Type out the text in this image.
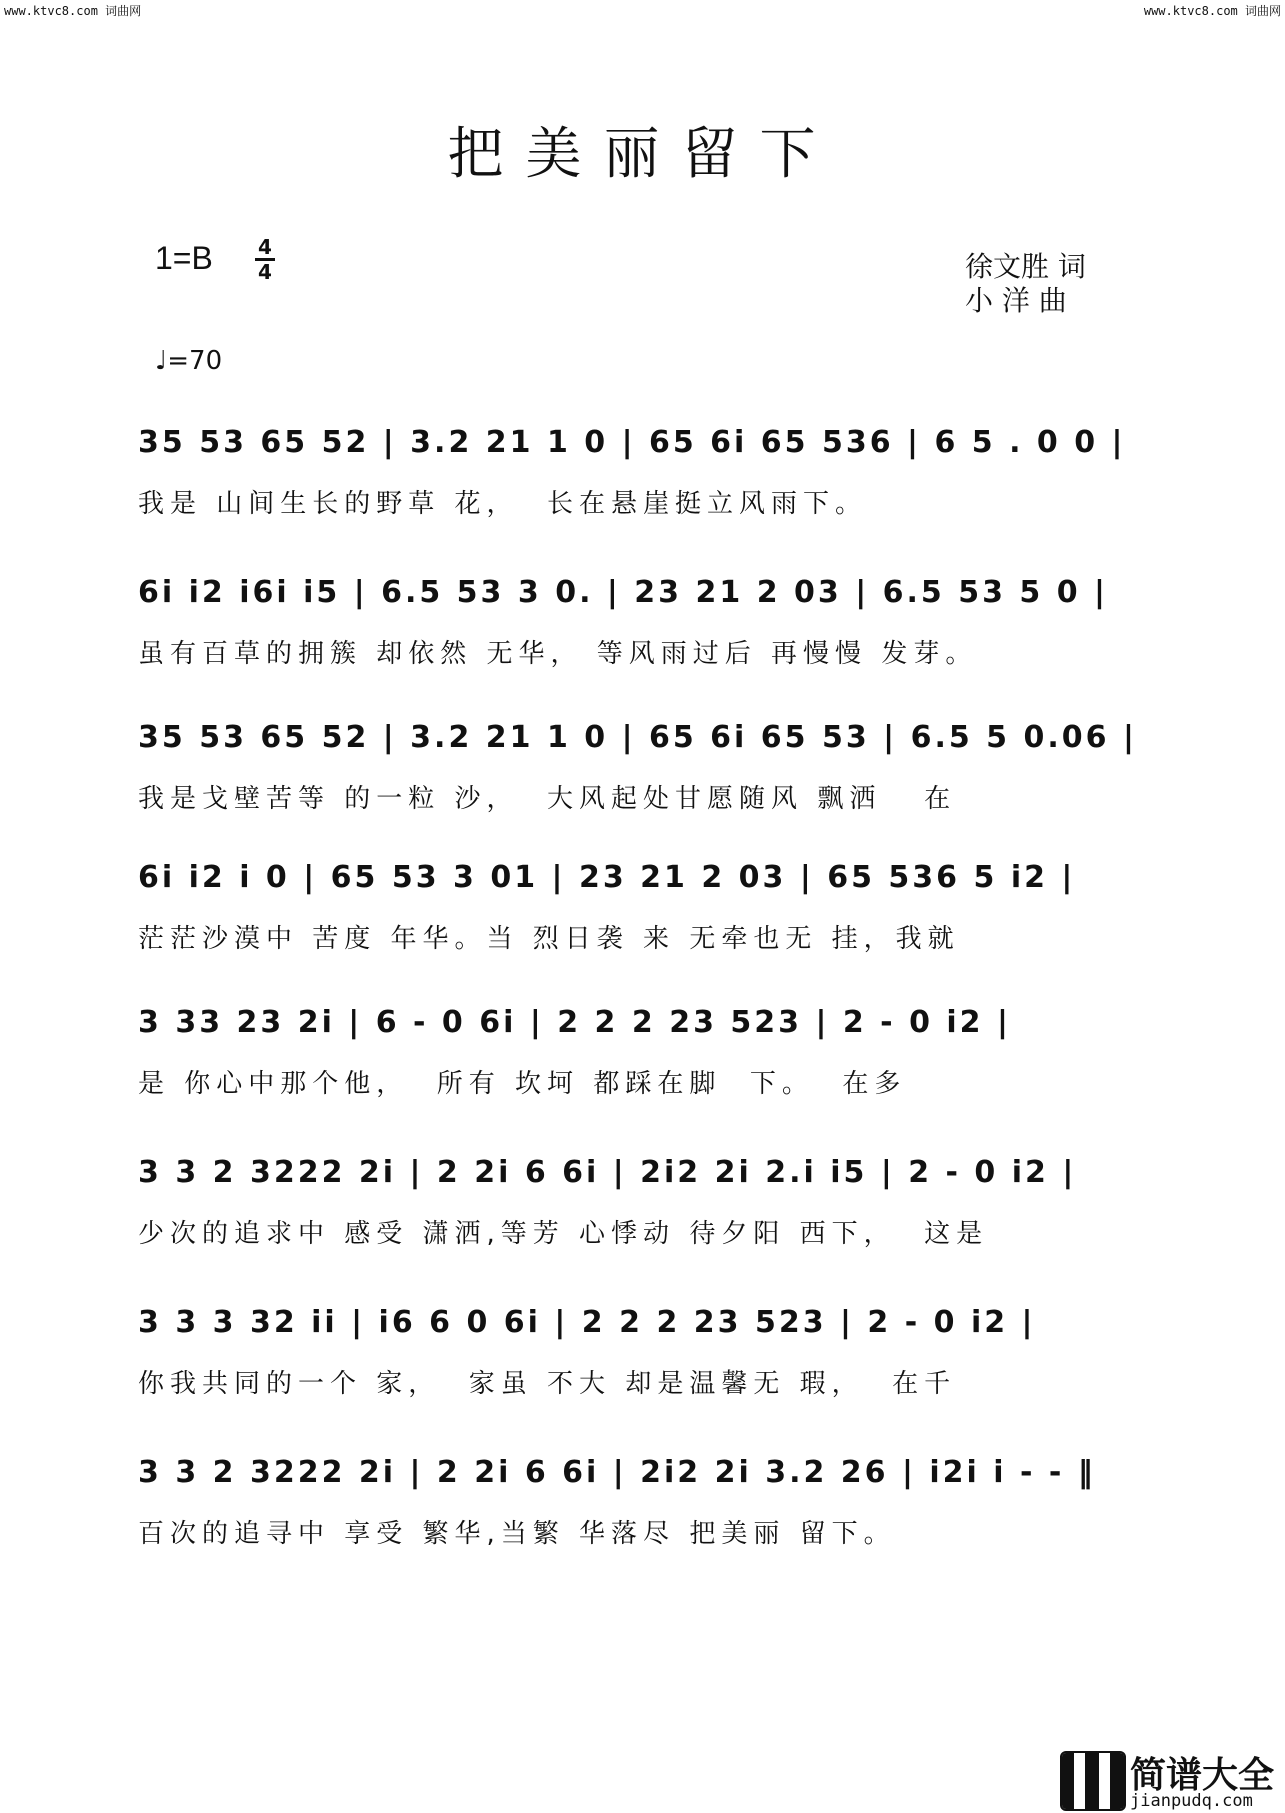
www.ktvc8.com 词曲网	www.ktvc8.com 词曲网
把美丽留下
1=B 4
4	徐文胜 词
小 洋 曲
♩=70
35 53 65 52 | 3.2 21 1 0 | 65 6i 65 536 | 6 5 . 0 0 |
我是 山间生长的野草 花，  长在悬崖挺立风雨下。
6i i2 i6i i5 | 6.5 53 3 0. | 23 21 2 03 | 6.5 53 5 0 |
虽有百草的拥簇 却依然 无华， 等风雨过后 再慢慢 发芽。
35 53 65 52 | 3.2 21 1 0 | 65 6i 65 53 | 6.5 5 0.06 |
我是戈壁苦等 的一粒 沙，  大风起处甘愿随风 飘洒   在
6i i2 i 0 | 65 53 3 01 | 23 21 2 03 | 65 536 5 i2 |
茫茫沙漠中 苦度 年华。当 烈日袭 来 无牵也无 挂，我就
3 33 23 2i | 6 - 0 6i | 2 2 2 23 523 | 2 - 0 i2 |
是 你心中那个他，  所有 坎坷 都踩在脚  下。  在多
3 3 2 3222 2i | 2 2i 6 6i | 2i2 2i 2.i i5 | 2 - 0 i2 |
少次的追求中 感受 潇洒,等芳 心悸动 待夕阳 西下，  这是
3 3 3 32 ii | i6 6 0 6i | 2 2 2 23 523 | 2 - 0 i2 |
你我共同的一个 家，  家虽 不大 却是温馨无 瑕，  在千
3 3 2 3222 2i | 2 2i 6 6i | 2i2 2i 3.2 26 | i2i i - - ‖
百次的追寻中 享受 繁华,当繁 华落尽 把美丽 留下。
简谱大全
jianpudq.com
